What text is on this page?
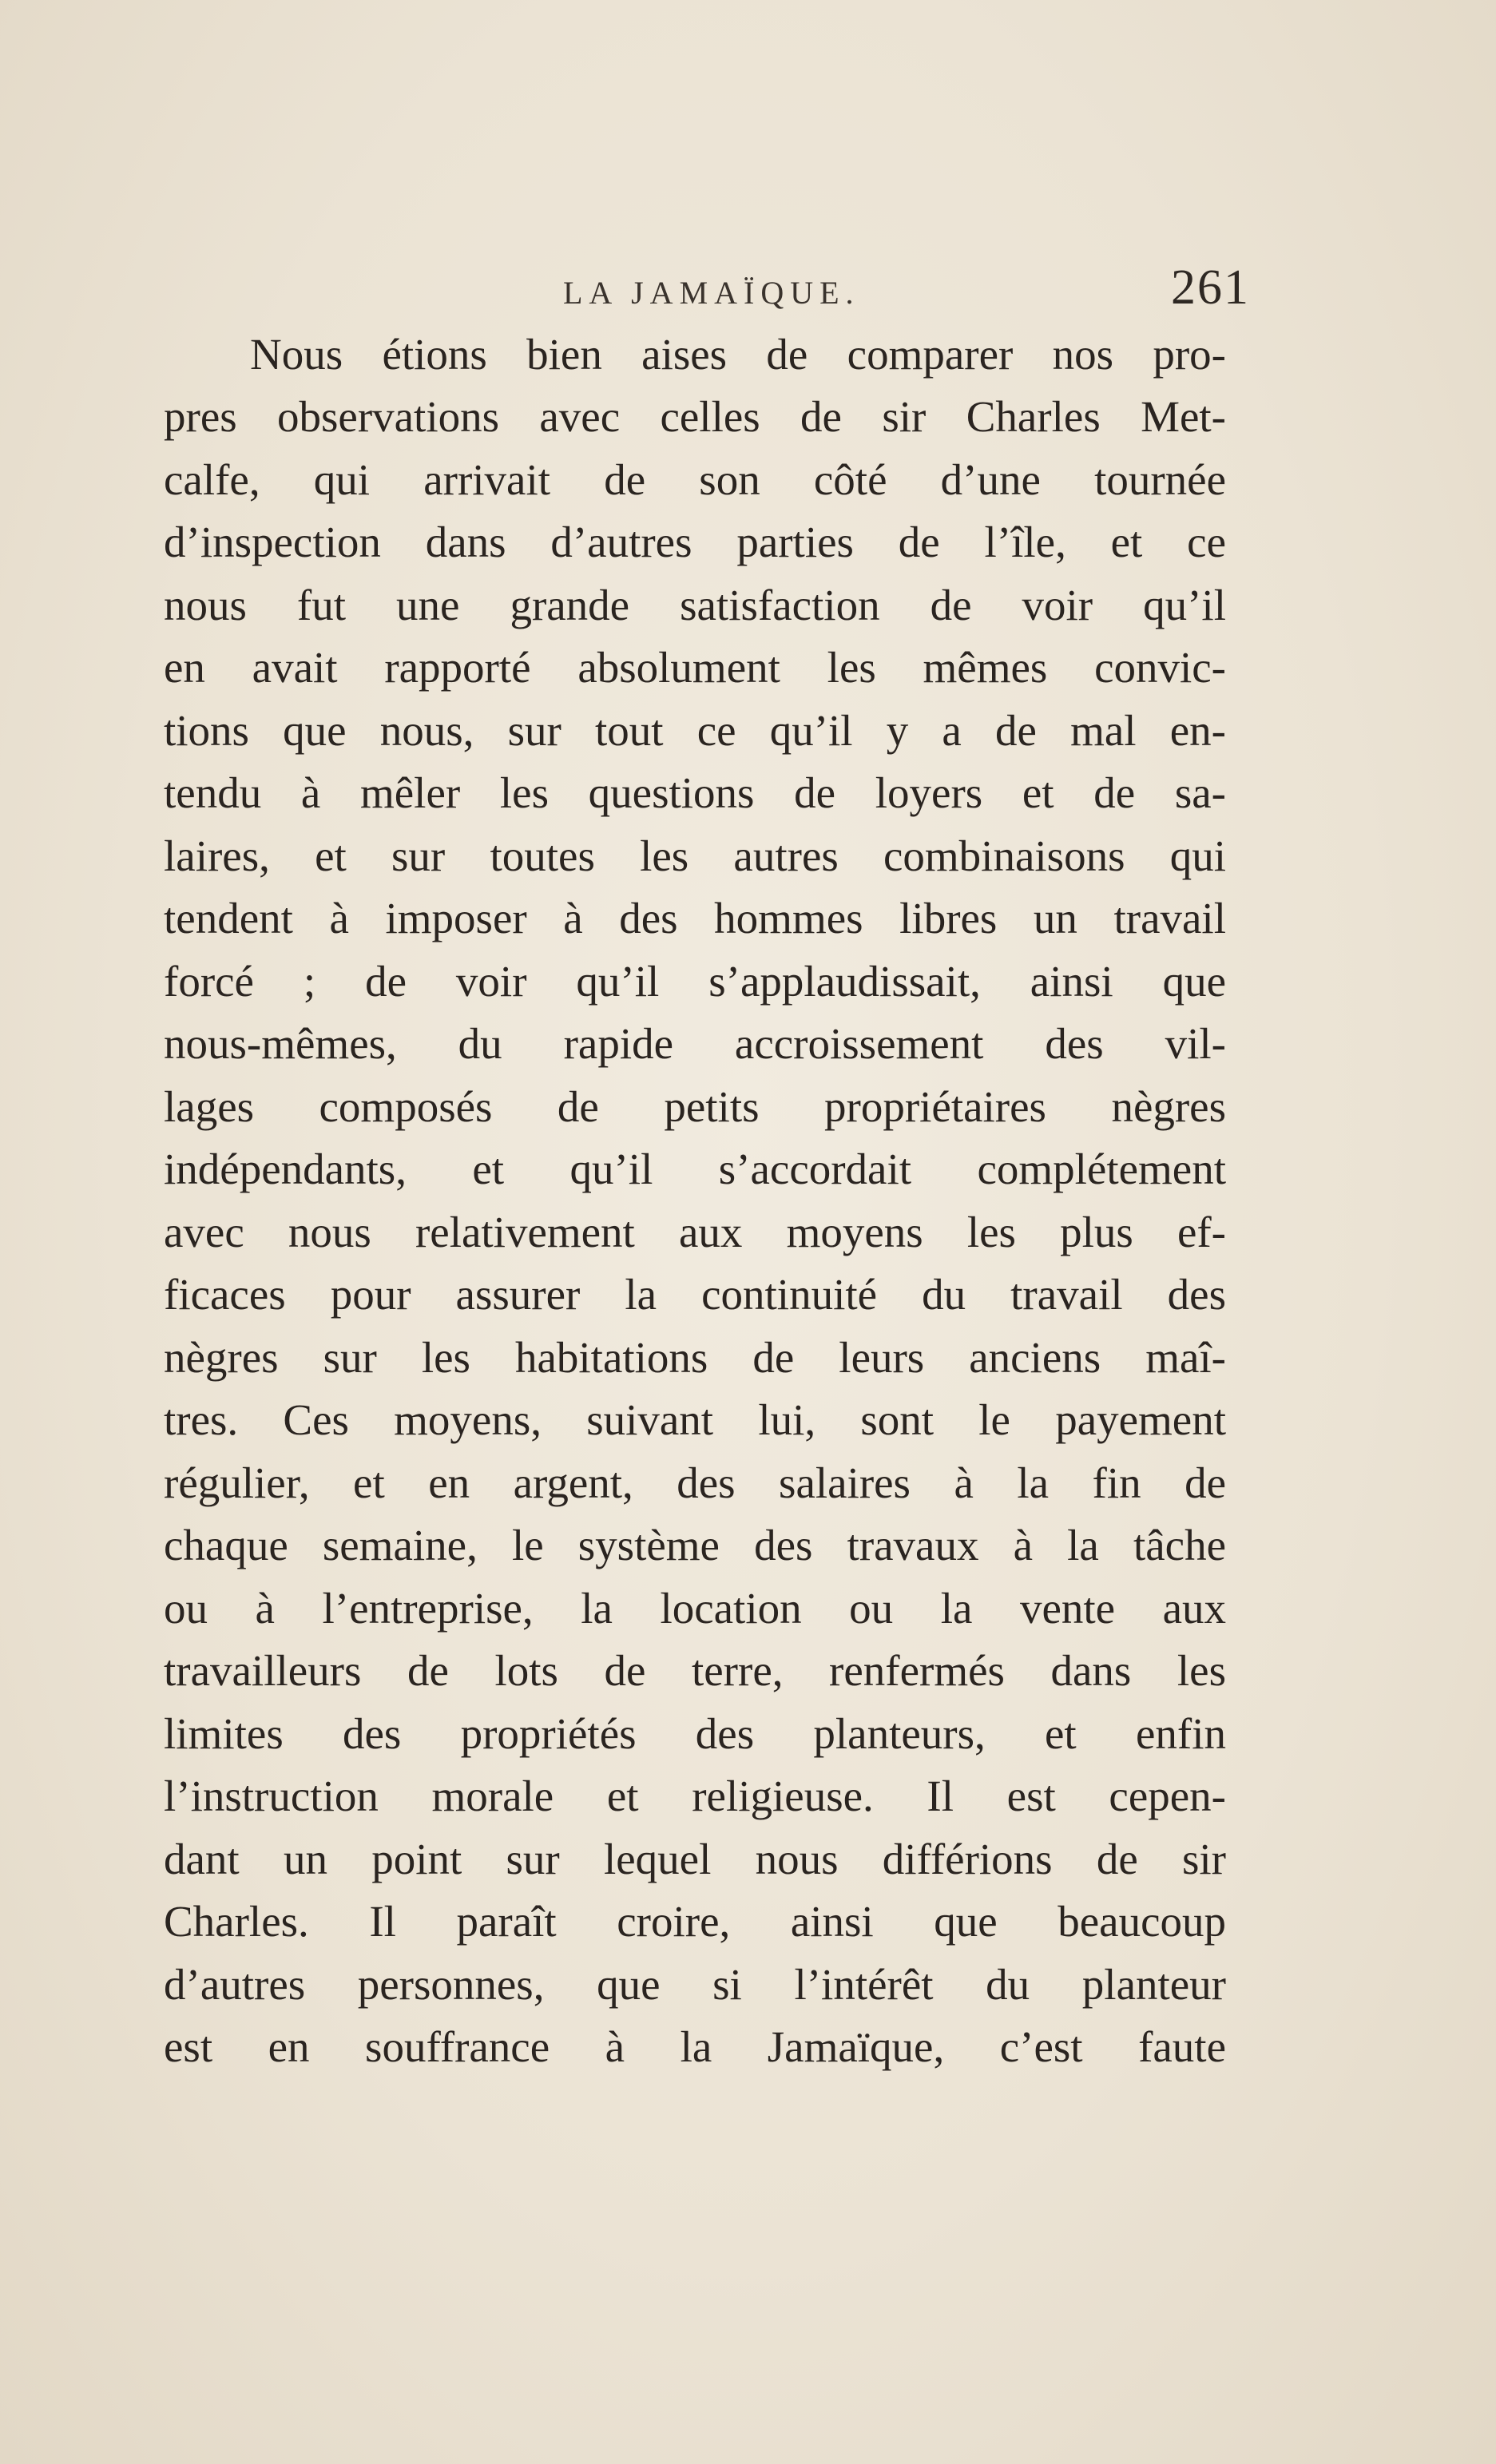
LA JAMAÏQUE.	261
Nous étions bien aises de comparer nos pro-
pres observations avec celles de sir Charles Met-
calfe, qui arrivait de son côté d’une tournée
d’inspection dans d’autres parties de l’île, et ce
nous fut une grande satisfaction de voir qu’il
en avait rapporté absolument les mêmes convic-
tions que nous, sur tout ce qu’il y a de mal en-
tendu à mêler les questions de loyers et de sa-
laires, et sur toutes les autres combinaisons qui
tendent à imposer à des hommes libres un travail
forcé ; de voir qu’il s’applaudissait, ainsi que
nous-mêmes, du rapide accroissement des vil-
lages composés de petits propriétaires nègres
indépendants, et qu’il s’accordait complétement
avec nous relativement aux moyens les plus ef-
ficaces pour assurer la continuité du travail des
nègres sur les habitations de leurs anciens maî-
tres. Ces moyens, suivant lui, sont le payement
régulier, et en argent, des salaires à la fin de
chaque semaine, le système des travaux à la tâche
ou à l’entreprise, la location ou la vente aux
travailleurs de lots de terre, renfermés dans les
limites des propriétés des planteurs, et enfin
l’instruction morale et religieuse. Il est cepen-
dant un point sur lequel nous différions de sir
Charles. Il paraît croire, ainsi que beaucoup
d’autres personnes, que si l’intérêt du planteur
est en souffrance à la Jamaïque, c’est faute
